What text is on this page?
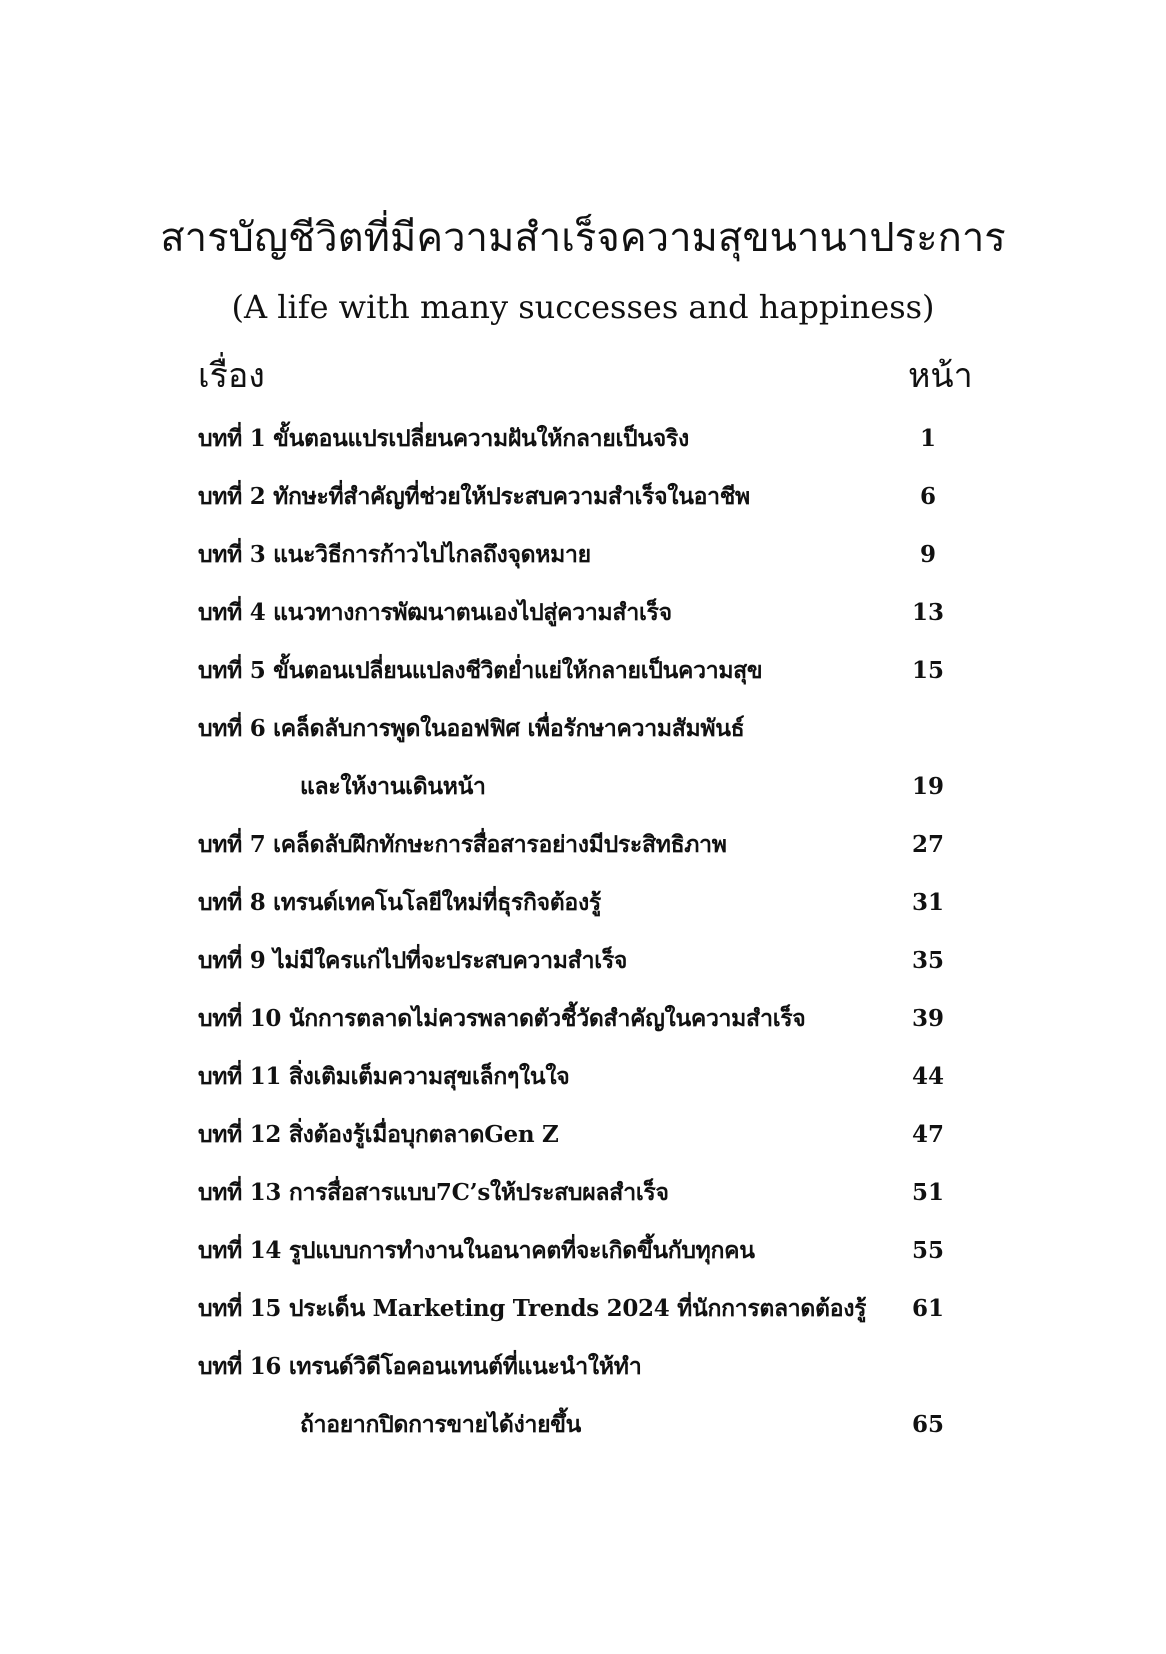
สารบัญชีวิตที่มีความสำเร็จความสุขนานาประการ
(A life with many successes and happiness)
เรื่อง	หน้า
บทที่ 1 ขั้นตอนแปรเปลี่ยนความฝันให้กลายเป็นจริง	1
บทที่ 2 ทักษะที่สำคัญที่ช่วยให้ประสบความสำเร็จในอาชีพ	6
บทที่ 3 แนะวิธีการก้าวไปไกลถึงจุดหมาย	9
บทที่ 4 แนวทางการพัฒนาตนเองไปสู่ความสำเร็จ	13
บทที่ 5 ขั้นตอนเปลี่ยนแปลงชีวิตย่ำแย่ให้กลายเป็นความสุข	15
บทที่ 6 เคล็ดลับการพูดในออฟฟิศ เพื่อรักษาความสัมพันธ์
และให้งานเดินหน้า	19
บทที่ 7 เคล็ดลับฝึกทักษะการสื่อสารอย่างมีประสิทธิภาพ	27
บทที่ 8 เทรนด์เทคโนโลยีใหม่ที่ธุรกิจต้องรู้	31
บทที่ 9 ไม่มีใครแก่ไปที่จะประสบความสำเร็จ	35
บทที่ 10 นักการตลาดไม่ควรพลาดตัวชี้วัดสำคัญในความสำเร็จ	39
บทที่ 11 สิ่งเติมเต็มความสุขเล็กๆในใจ	44
บทที่ 12 สิ่งต้องรู้เมื่อบุกตลาดGen Z	47
บทที่ 13 การสื่อสารแบบ7C’sให้ประสบผลสำเร็จ	51
บทที่ 14 รูปแบบการทำงานในอนาคตที่จะเกิดขึ้นกับทุกคน	55
บทที่ 15 ประเด็น Marketing Trends 2024 ที่นักการตลาดต้องรู้	61
บทที่ 16 เทรนด์วิดีโอคอนเทนต์ที่แนะนำให้ทำ
ถ้าอยากปิดการขายได้ง่ายขึ้น	65
